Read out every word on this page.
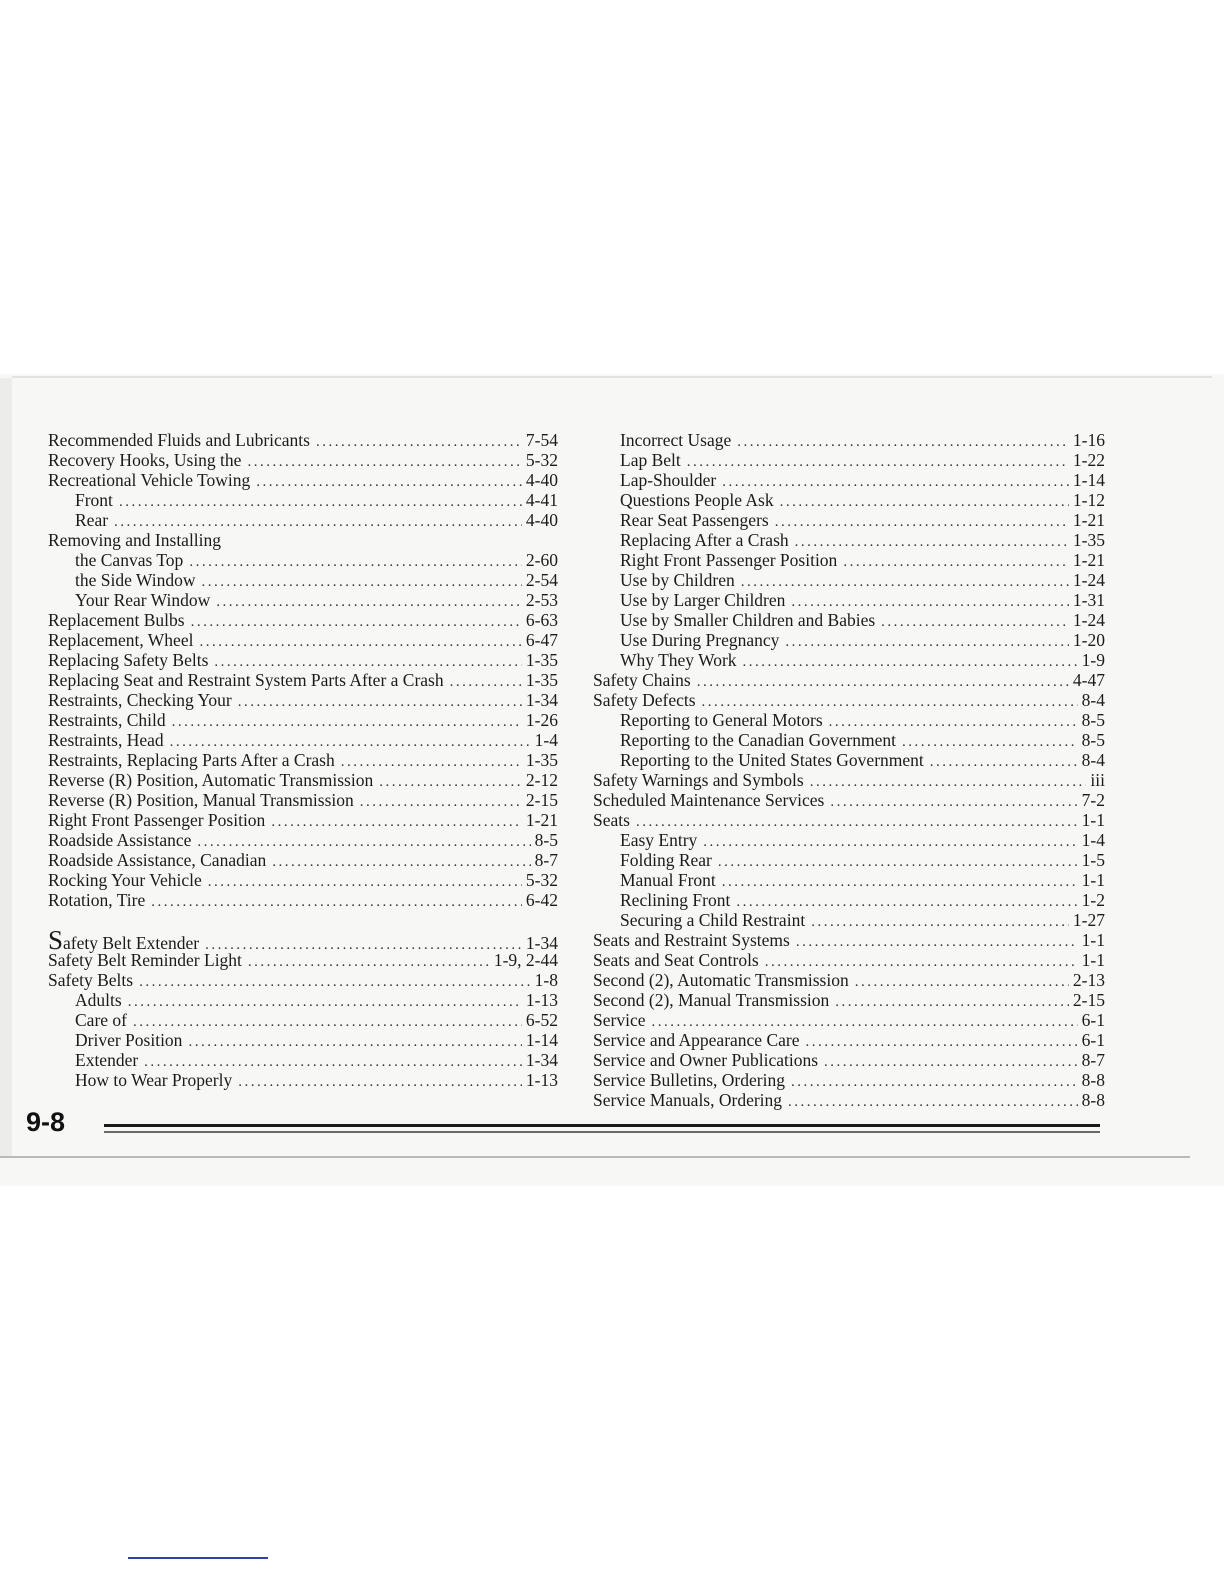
Recommended Fluids and Lubricants .....	7-54
Recovery Hooks, Using the .....	5-32
Recreational Vehicle Towing .....	4-40
Front .....	4-41
Rear .....	4-40
Removing and Installing
the Canvas Top .....	2-60
the Side Window .....	2-54
Your Rear Window .....	2-53
Replacement Bulbs .....	6-63
Replacement, Wheel .....	6-47
Replacing Safety Belts .....	1-35
Replacing Seat and Restraint System Parts After a Crash .....	1-35
Restraints, Checking Your .....	1-34
Restraints, Child .....	1-26
Restraints, Head .....	1-4
Restraints, Replacing Parts After a Crash .....	1-35
Reverse (R) Position, Automatic Transmission .....	2-12
Reverse (R) Position, Manual Transmission .....	2-15
Right Front Passenger Position .....	1-21
Roadside Assistance .....	8-5
Roadside Assistance, Canadian .....	8-7
Rocking Your Vehicle .....	5-32
Rotation, Tire .....	6-42
Safety Belt Extender .....	1-34
Safety Belt Reminder Light .....	1-9, 2-44
Safety Belts .....	1-8
Adults .....	1-13
Care of .....	6-52
Driver Position .....	1-14
Extender .....	1-34
How to Wear Properly .....	1-13
Incorrect Usage .....	1-16
Lap Belt .....	1-22
Lap-Shoulder .....	1-14
Questions People Ask .....	1-12
Rear Seat Passengers .....	1-21
Replacing After a Crash .....	1-35
Right Front Passenger Position .....	1-21
Use by Children .....	1-24
Use by Larger Children .....	1-31
Use by Smaller Children and Babies .....	1-24
Use During Pregnancy .....	1-20
Why They Work .....	1-9
Safety Chains .....	4-47
Safety Defects .....	8-4
Reporting to General Motors .....	8-5
Reporting to the Canadian Government .....	8-5
Reporting to the United States Government .....	8-4
Safety Warnings and Symbols .....	iii
Scheduled Maintenance Services .....	7-2
Seats .....	1-1
Easy Entry .....	1-4
Folding Rear .....	1-5
Manual Front .....	1-1
Reclining Front .....	1-2
Securing a Child Restraint .....	1-27
Seats and Restraint Systems .....	1-1
Seats and Seat Controls .....	1-1
Second (2), Automatic Transmission .....	2-13
Second (2), Manual Transmission .....	2-15
Service .....	6-1
Service and Appearance Care .....	6-1
Service and Owner Publications .....	8-7
Service Bulletins, Ordering .....	8-8
Service Manuals, Ordering .....	8-8
9-8
